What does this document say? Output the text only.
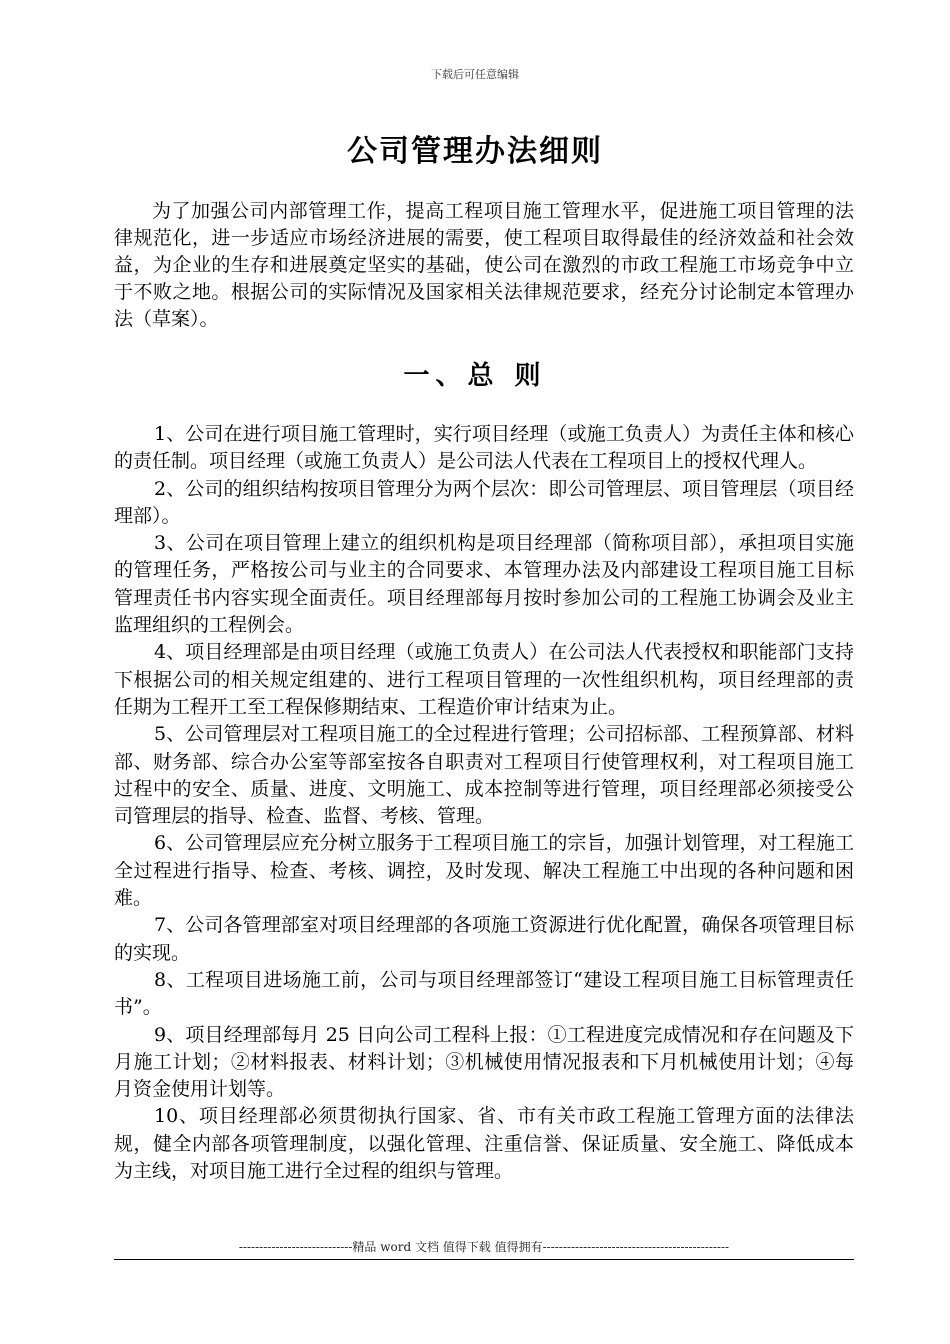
下载后可任意编辑
公司管理办法细则

为了加强公司内部管理工作，提高工程项目施工管理水平，促进施工项目管理的法律规范化，进一步适应市场经济进展的需要，使工程项目取得最佳的经济效益和社会效益，为企业的生存和进展奠定坚实的基础，使公司在激烈的市政工程施工市场竞争中立于不败之地。根据公司的实际情况及国家相关法律规范要求，经充分讨论制定本管理办法（草案）。

一、总 则

1、公司在进行项目施工管理时，实行项目经理（或施工负责人）为责任主体和核心的责任制。项目经理（或施工负责人）是公司法人代表在工程项目上的授权代理人。

2、公司的组织结构按项目管理分为两个层次：即公司管理层、项目管理层（项目经理部）。

3、公司在项目管理上建立的组织机构是项目经理部（简称项目部），承担项目实施的管理任务，严格按公司与业主的合同要求、本管理办法及内部建设工程项目施工目标管理责任书内容实现全面责任。项目经理部每月按时参加公司的工程施工协调会及业主监理组织的工程例会。

4、项目经理部是由项目经理（或施工负责人）在公司法人代表授权和职能部门支持下根据公司的相关规定组建的、进行工程项目管理的一次性组织机构，项目经理部的责任期为工程开工至工程保修期结束、工程造价审计结束为止。

5、公司管理层对工程项目施工的全过程进行管理；公司招标部、工程预算部、材料部、财务部、综合办公室等部室按各自职责对工程项目行使管理权利，对工程项目施工过程中的安全、质量、进度、文明施工、成本控制等进行管理，项目经理部必须接受公司管理层的指导、检查、监督、考核、管理。

6、公司管理层应充分树立服务于工程项目施工的宗旨，加强计划管理，对工程施工全过程进行指导、检查、考核、调控，及时发现、解决工程施工中出现的各种问题和困难。

7、公司各管理部室对项目经理部的各项施工资源进行优化配置，确保各项管理目标的实现。

8、工程项目进场施工前，公司与项目经理部签订“建设工程项目施工目标管理责任书”。

9、项目经理部每月 25 日向公司工程科上报：①工程进度完成情况和存在问题及下月施工计划；②材料报表、材料计划；③机械使用情况报表和下月机械使用计划；④每月资金使用计划等。

10、项目经理部必须贯彻执行国家、省、市有关市政工程施工管理方面的法律法规，健全内部各项管理制度，以强化管理、注重信誉、保证质量、安全施工、降低成本为主线，对项目施工进行全过程的组织与管理。

----------------------------精品 word 文档 值得下载 值得拥有----------------------------------------------
